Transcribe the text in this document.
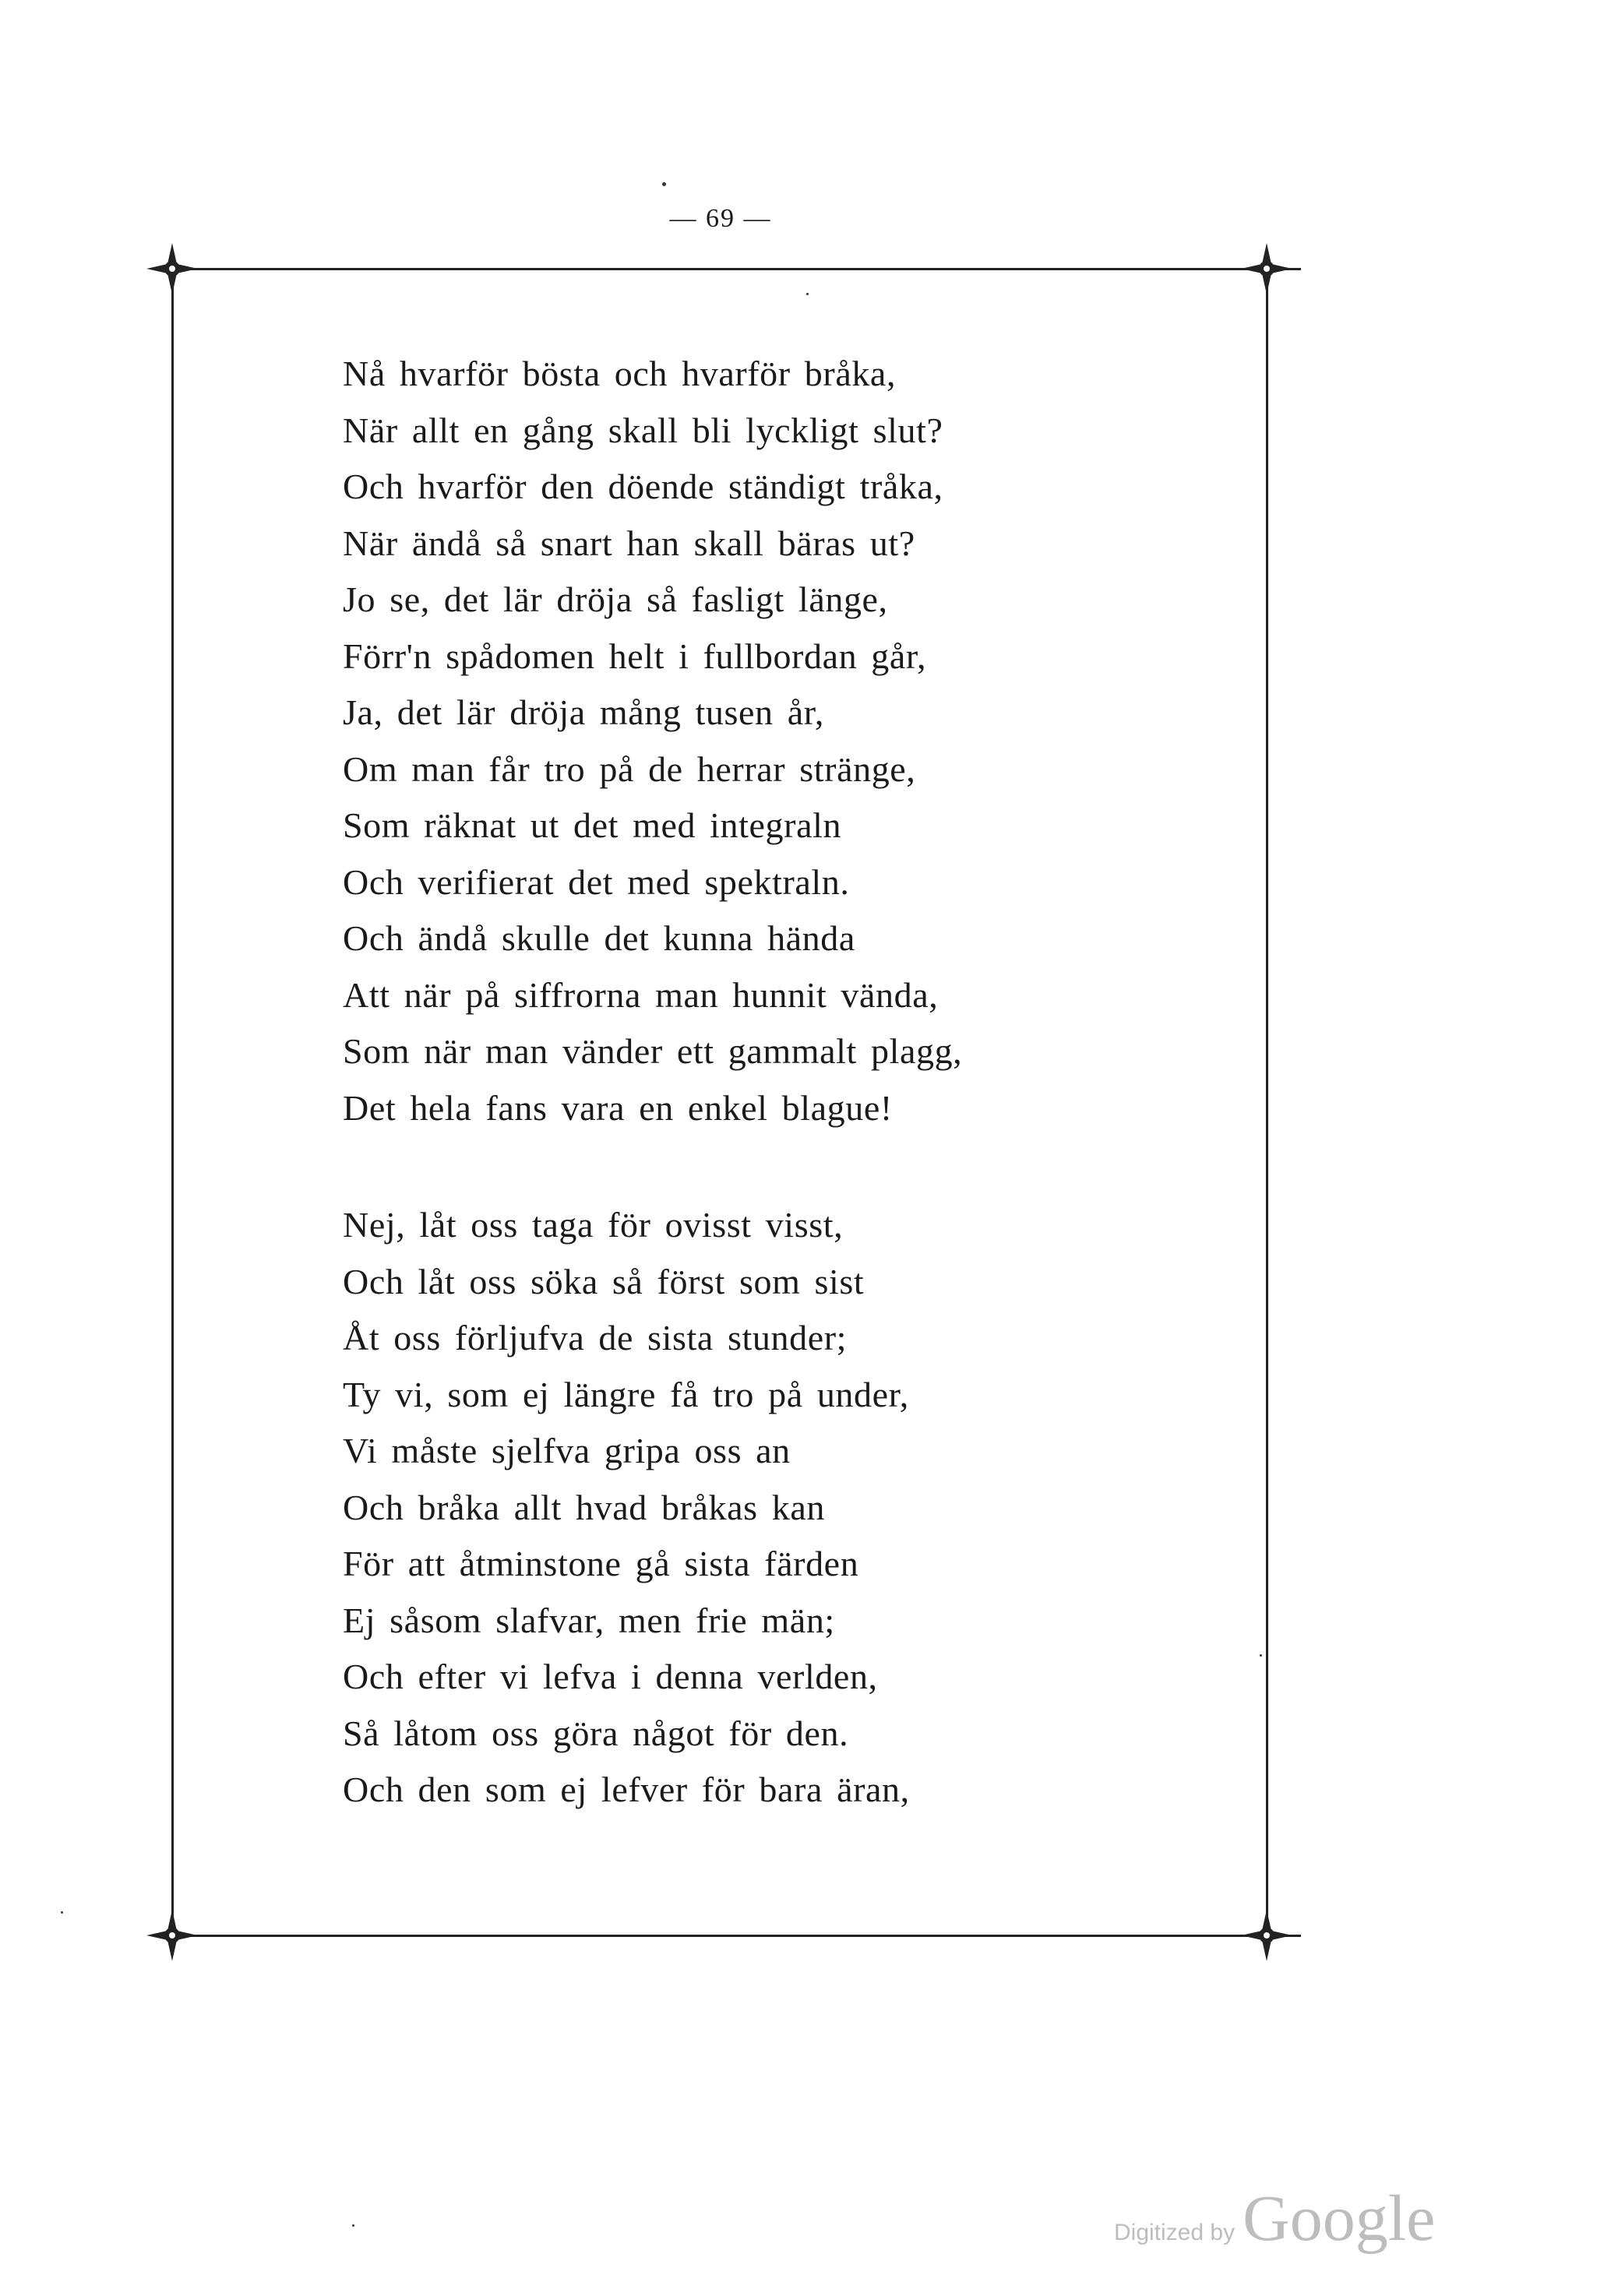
— 69 —
Nå hvarför bösta och hvarför bråka,
När allt en gång skall bli lyckligt slut?
Och hvarför den döende ständigt tråka,
När ändå så snart han skall bäras ut?
Jo se, det lär dröja så fasligt länge,
Förr'n spådomen helt i fullbordan går,
Ja, det lär dröja mång tusen år,
Om man får tro på de herrar stränge,
Som räknat ut det med integraln
Och verifierat det med spektraln.
Och ändå skulle det kunna hända
Att när på siffrorna man hunnit vända,
Som när man vänder ett gammalt plagg,
Det hela fans vara en enkel blague!
Nej, låt oss taga för ovisst visst,
Och låt oss söka så först som sist
Åt oss förljufva de sista stunder;
Ty vi, som ej längre få tro på under,
Vi måste sjelfva gripa oss an
Och bråka allt hvad bråkas kan
För att åtminstone gå sista färden
Ej såsom slafvar, men frie män;
Och efter vi lefva i denna verlden,
Så låtom oss göra något för den.
Och den som ej lefver för bara äran,
Digitized by Google
